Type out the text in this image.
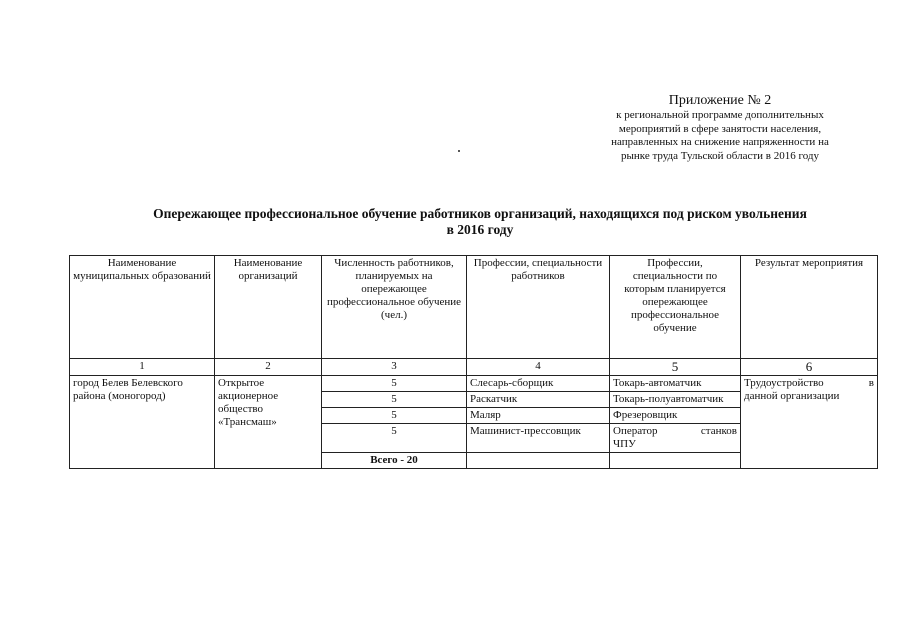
Приложение № 2
к региональной программе дополнительных
мероприятий в сфере занятости населения,
направленных на снижение напряженности на
рынке труда Тульской области в 2016 году
Опережающее профессиональное обучение работников организаций, находящихся под риском увольнения
в 2016 году
Наименование муниципальных образований	Наименование организаций	Численность работников, планируемых на опережающее профессиональное обучение (чел.)	Профессии, специальности работников	Профессии, специальности по которым планируется опережающее профессиональное обучение	Результат мероприятия
1	2	3	4	5	6
город Белев Белевского района (моногород)	Открытое акционерное общество «Трансмаш»	5	Слесарь-сборщик	Токарь-автоматчик	Трудоустройство в
данной организации

		5	Раскатчик	Токарь-полуавтоматчик	
		5	Маляр	Фрезеровщик	
		5	Машинист-прессовщик	Оператор станков
ЧПУ	

		Всего - 20			
